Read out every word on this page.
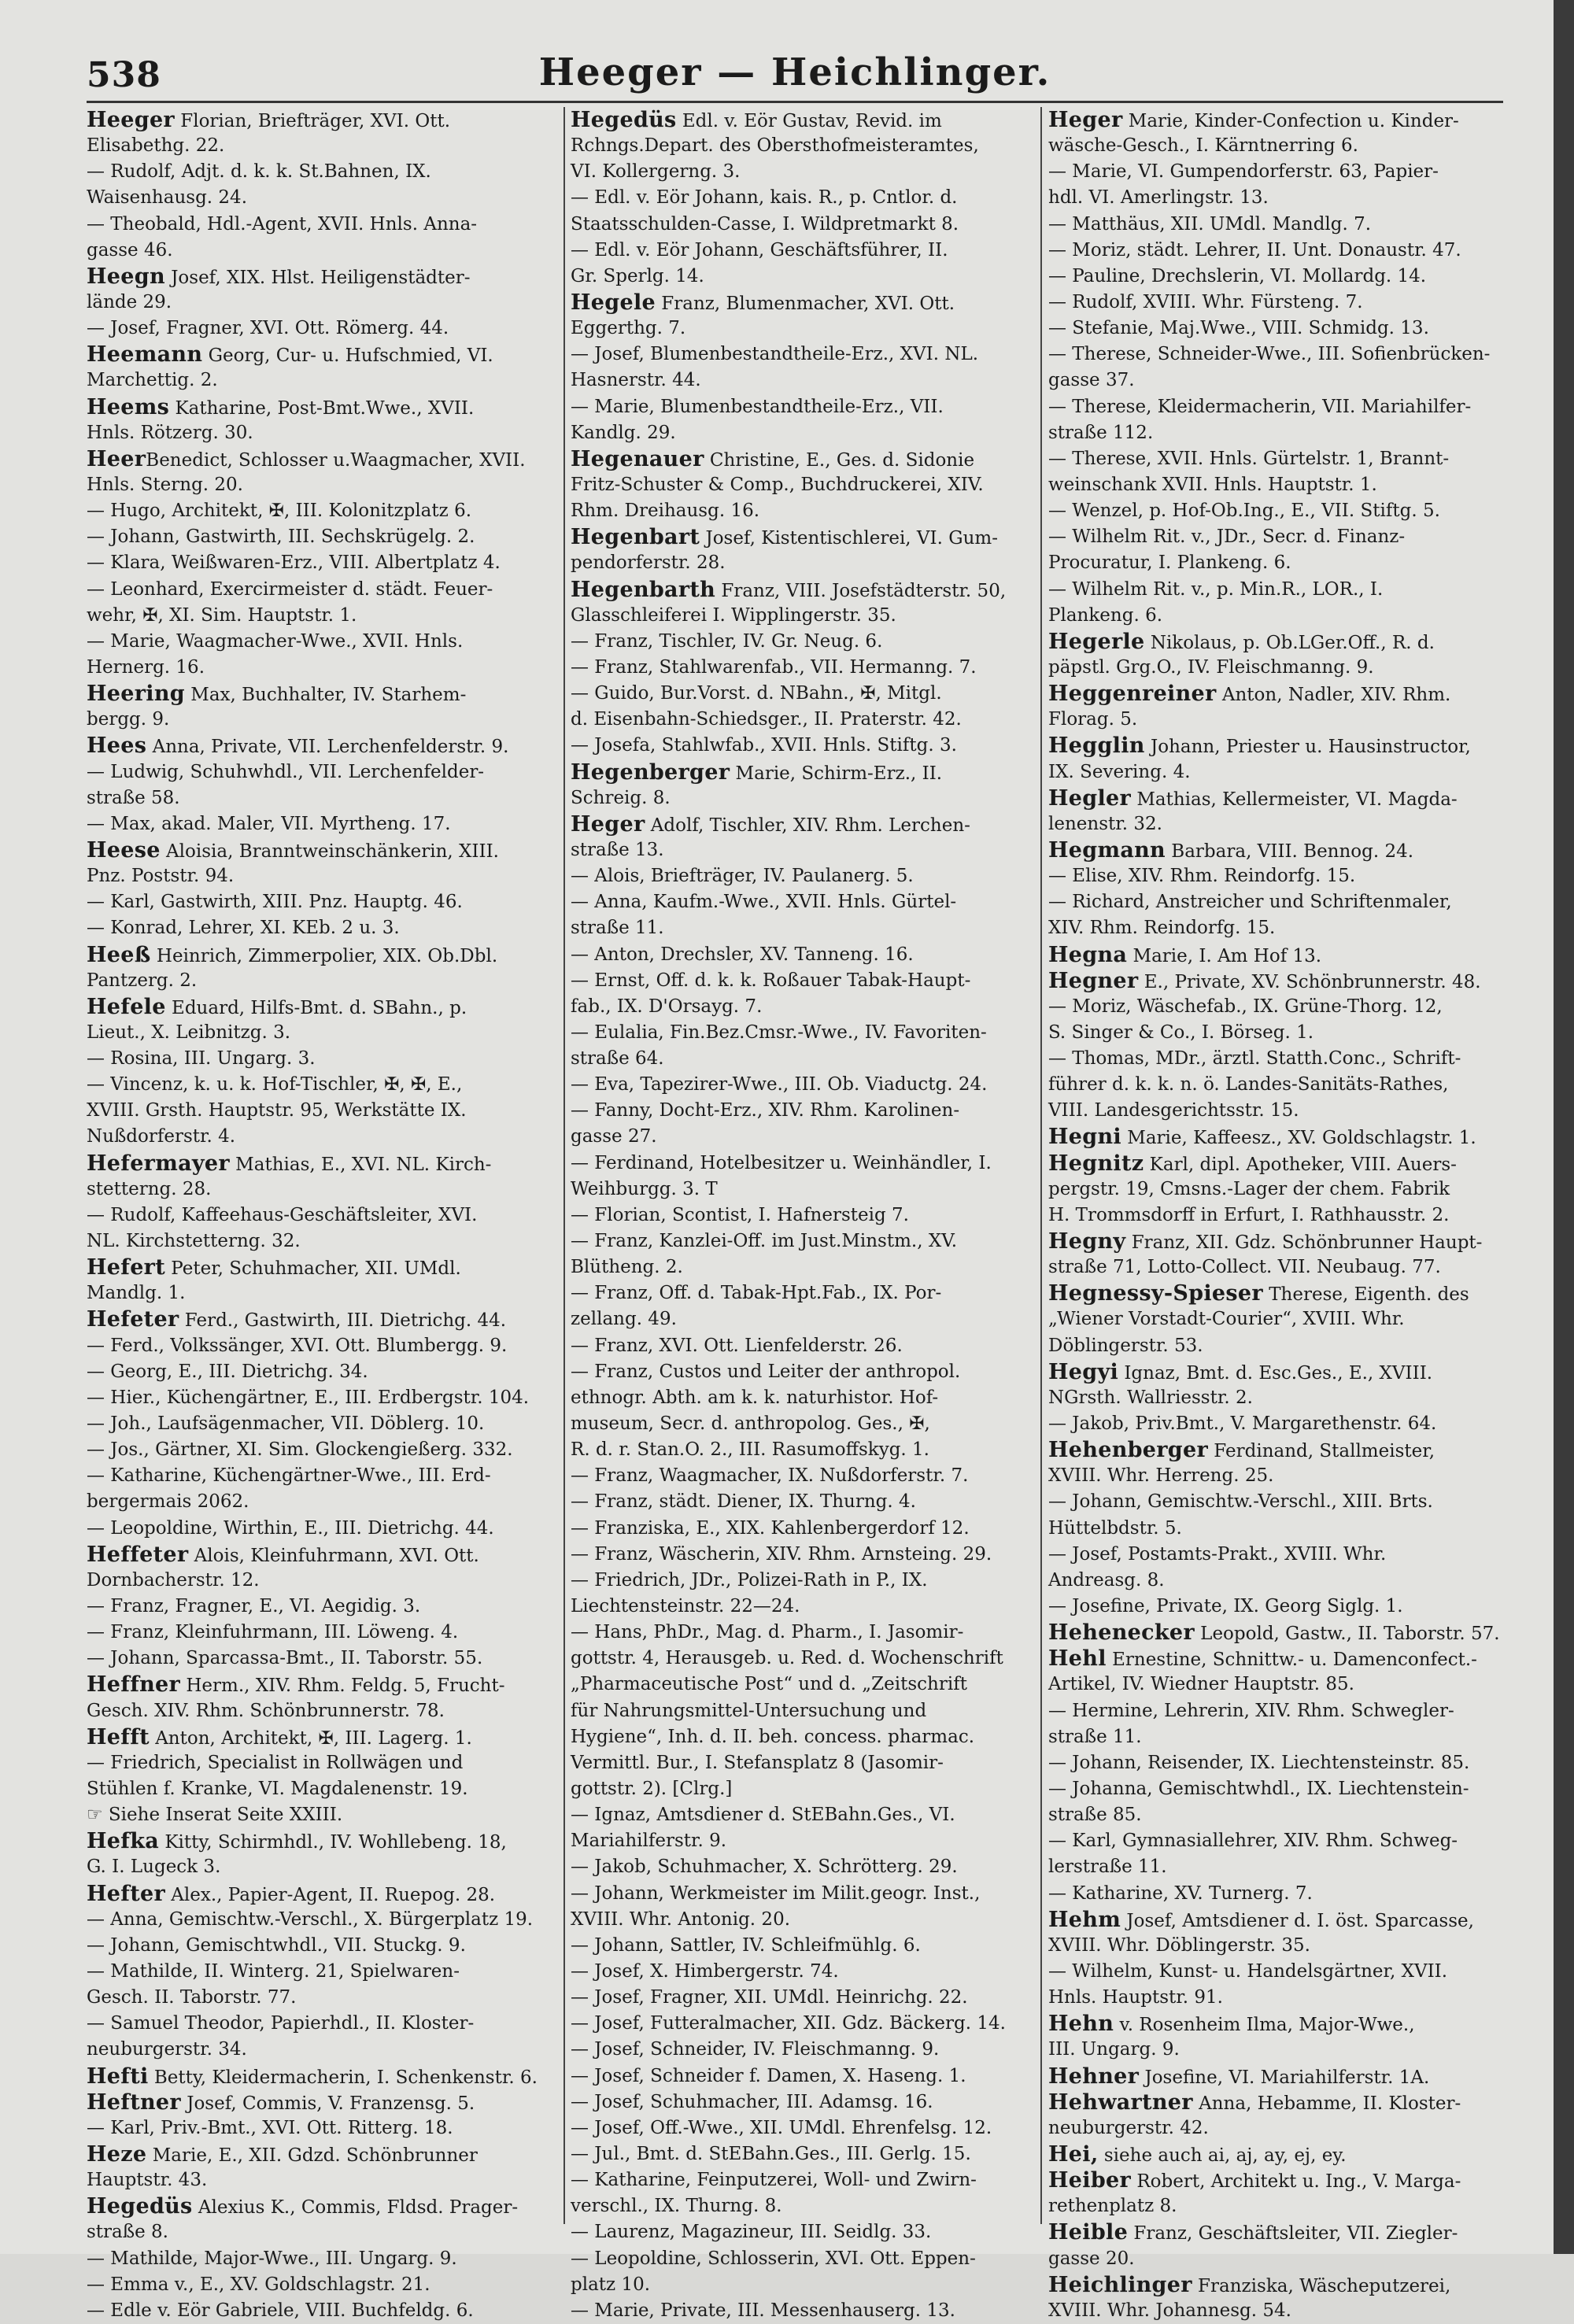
538	Heeger — Heichlinger.
Heeger Florian, Briefträger, XVI. Ott.
Elisabethg. 22.
— Rudolf, Adjt. d. k. k. St.Bahnen, IX.
Waisenhausg. 24.
— Theobald, Hdl.-Agent, XVII. Hnls. Anna-
gasse 46.
Heegn Josef, XIX. Hlst. Heiligenstädter-
lände 29.
— Josef, Fragner, XVI. Ott. Römerg. 44.
Heemann Georg, Cur- u. Hufschmied, VI.
Marchettig. 2.
Heems Katharine, Post-Bmt.Wwe., XVII.
Hnls. Rötzerg. 30.
HeerBenedict, Schlosser u.Waagmacher, XVII.
Hnls. Sterng. 20.
— Hugo, Architekt, ✠, III. Kolonitzplatz 6.
— Johann, Gastwirth, III. Sechskrügelg. 2.
— Klara, Weißwaren-Erz., VIII. Albertplatz 4.
— Leonhard, Exercirmeister d. städt. Feuer-
wehr, ✠, XI. Sim. Hauptstr. 1.
— Marie, Waagmacher-Wwe., XVII. Hnls.
Hernerg. 16.
Heering Max, Buchhalter, IV. Starhem-
bergg. 9.
Hees Anna, Private, VII. Lerchenfelderstr. 9.
— Ludwig, Schuhwhdl., VII. Lerchenfelder-
straße 58.
— Max, akad. Maler, VII. Myrtheng. 17.
Heese Aloisia, Branntweinschänkerin, XIII.
Pnz. Poststr. 94.
— Karl, Gastwirth, XIII. Pnz. Hauptg. 46.
— Konrad, Lehrer, XI. KEb. 2 u. 3.
Heeß Heinrich, Zimmerpolier, XIX. Ob.Dbl.
Pantzerg. 2.
Hefele Eduard, Hilfs-Bmt. d. SBahn., p.
Lieut., X. Leibnitzg. 3.
— Rosina, III. Ungarg. 3.
— Vincenz, k. u. k. Hof-Tischler, ✠, ✠, E.,
XVIII. Grsth. Hauptstr. 95, Werkstätte IX.
Nußdorferstr. 4.
Hefermayer Mathias, E., XVI. NL. Kirch-
stetterng. 28.
— Rudolf, Kaffeehaus-Geschäftsleiter, XVI.
NL. Kirchstetterng. 32.
Hefert Peter, Schuhmacher, XII. UMdl.
Mandlg. 1.
Hefeter Ferd., Gastwirth, III. Dietrichg. 44.
— Ferd., Volkssänger, XVI. Ott. Blumbergg. 9.
— Georg, E., III. Dietrichg. 34.
— Hier., Küchengärtner, E., III. Erdbergstr. 104.
— Joh., Laufsägenmacher, VII. Döblerg. 10.
— Jos., Gärtner, XI. Sim. Glockengießerg. 332.
— Katharine, Küchengärtner-Wwe., III. Erd-
bergermais 2062.
— Leopoldine, Wirthin, E., III. Dietrichg. 44.
Heffeter Alois, Kleinfuhrmann, XVI. Ott.
Dornbacherstr. 12.
— Franz, Fragner, E., VI. Aegidig. 3.
— Franz, Kleinfuhrmann, III. Löweng. 4.
— Johann, Sparcassa-Bmt., II. Taborstr. 55.
Heffner Herm., XIV. Rhm. Feldg. 5, Frucht-
Gesch. XIV. Rhm. Schönbrunnerstr. 78.
Hefft Anton, Architekt, ✠, III. Lagerg. 1.
— Friedrich, Specialist in Rollwägen und
Stühlen f. Kranke, VI. Magdalenenstr. 19.
☞ Siehe Inserat Seite XXIII.
Hefka Kitty, Schirmhdl., IV. Wohllebeng. 18,
G. I. Lugeck 3.
Hefter Alex., Papier-Agent, II. Ruepog. 28.
— Anna, Gemischtw.-Verschl., X. Bürgerplatz 19.
— Johann, Gemischtwhdl., VII. Stuckg. 9.
— Mathilde, II. Winterg. 21, Spielwaren-
Gesch. II. Taborstr. 77.
— Samuel Theodor, Papierhdl., II. Kloster-
neuburgerstr. 34.
Hefti Betty, Kleidermacherin, I. Schenkenstr. 6.
Heftner Josef, Commis, V. Franzensg. 5.
— Karl, Priv.-Bmt., XVI. Ott. Ritterg. 18.
Heze Marie, E., XII. Gdzd. Schönbrunner
Hauptstr. 43.
Hegedüs Alexius K., Commis, Fldsd. Prager-
straße 8.
— Mathilde, Major-Wwe., III. Ungarg. 9.
— Emma v., E., XV. Goldschlagstr. 21.
— Edle v. Eör Gabriele, VIII. Buchfeldg. 6.
Hegedüs Edl. v. Eör Gustav, Revid. im
Rchngs.Depart. des Obersthofmeisteramtes,
VI. Kollergerng. 3.
— Edl. v. Eör Johann, kais. R., p. Cntlor. d.
Staatsschulden-Casse, I. Wildpretmarkt 8.
— Edl. v. Eör Johann, Geschäftsführer, II.
Gr. Sperlg. 14.
Hegele Franz, Blumenmacher, XVI. Ott.
Eggerthg. 7.
— Josef, Blumenbestandtheile-Erz., XVI. NL.
Hasnerstr. 44.
— Marie, Blumenbestandtheile-Erz., VII.
Kandlg. 29.
Hegenauer Christine, E., Ges. d. Sidonie
Fritz-Schuster & Comp., Buchdruckerei, XIV.
Rhm. Dreihausg. 16.
Hegenbart Josef, Kistentischlerei, VI. Gum-
pendorferstr. 28.
Hegenbarth Franz, VIII. Josefstädterstr. 50,
Glasschleiferei I. Wipplingerstr. 35.
— Franz, Tischler, IV. Gr. Neug. 6.
— Franz, Stahlwarenfab., VII. Hermanng. 7.
— Guido, Bur.Vorst. d. NBahn., ✠, Mitgl.
d. Eisenbahn-Schiedsger., II. Praterstr. 42.
— Josefa, Stahlwfab., XVII. Hnls. Stiftg. 3.
Hegenberger Marie, Schirm-Erz., II.
Schreig. 8.
Heger Adolf, Tischler, XIV. Rhm. Lerchen-
straße 13.
— Alois, Briefträger, IV. Paulanerg. 5.
— Anna, Kaufm.-Wwe., XVII. Hnls. Gürtel-
straße 11.
— Anton, Drechsler, XV. Tanneng. 16.
— Ernst, Off. d. k. k. Roßauer Tabak-Haupt-
fab., IX. D'Orsayg. 7.
— Eulalia, Fin.Bez.Cmsr.-Wwe., IV. Favoriten-
straße 64.
— Eva, Tapezirer-Wwe., III. Ob. Viaductg. 24.
— Fanny, Docht-Erz., XIV. Rhm. Karolinen-
gasse 27.
— Ferdinand, Hotelbesitzer u. Weinhändler, I.
Weihburgg. 3. T
— Florian, Scontist, I. Hafnersteig 7.
— Franz, Kanzlei-Off. im Just.Minstm., XV.
Blütheng. 2.
— Franz, Off. d. Tabak-Hpt.Fab., IX. Por-
zellang. 49.
— Franz, XVI. Ott. Lienfelderstr. 26.
— Franz, Custos und Leiter der anthropol.
ethnogr. Abth. am k. k. naturhistor. Hof-
museum, Secr. d. anthropolog. Ges., ✠,
R. d. r. Stan.O. 2., III. Rasumoffskyg. 1.
— Franz, Waagmacher, IX. Nußdorferstr. 7.
— Franz, städt. Diener, IX. Thurng. 4.
— Franziska, E., XIX. Kahlenbergerdorf 12.
— Franz, Wäscherin, XIV. Rhm. Arnsteing. 29.
— Friedrich, JDr., Polizei-Rath in P., IX.
Liechtensteinstr. 22—24.
— Hans, PhDr., Mag. d. Pharm., I. Jasomir-
gottstr. 4, Herausgeb. u. Red. d. Wochenschrift
„Pharmaceutische Post“ und d. „Zeitschrift
für Nahrungsmittel-Untersuchung und
Hygiene“, Inh. d. II. beh. concess. pharmac.
Vermittl. Bur., I. Stefansplatz 8 (Jasomir-
gottstr. 2). [Clrg.]
— Ignaz, Amtsdiener d. StEBahn.Ges., VI.
Mariahilferstr. 9.
— Jakob, Schuhmacher, X. Schrötterg. 29.
— Johann, Werkmeister im Milit.geogr. Inst.,
XVIII. Whr. Antonig. 20.
— Johann, Sattler, IV. Schleifmühlg. 6.
— Josef, X. Himbergerstr. 74.
— Josef, Fragner, XII. UMdl. Heinrichg. 22.
— Josef, Futteralmacher, XII. Gdz. Bäckerg. 14.
— Josef, Schneider, IV. Fleischmanng. 9.
— Josef, Schneider f. Damen, X. Haseng. 1.
— Josef, Schuhmacher, III. Adamsg. 16.
— Josef, Off.-Wwe., XII. UMdl. Ehrenfelsg. 12.
— Jul., Bmt. d. StEBahn.Ges., III. Gerlg. 15.
— Katharine, Feinputzerei, Woll- und Zwirn-
verschl., IX. Thurng. 8.
— Laurenz, Magazineur, III. Seidlg. 33.
— Leopoldine, Schlosserin, XVI. Ott. Eppen-
platz 10.
— Marie, Private, III. Messenhauserg. 13.
Heger Marie, Kinder-Confection u. Kinder-
wäsche-Gesch., I. Kärntnerring 6.
— Marie, VI. Gumpendorferstr. 63, Papier-
hdl. VI. Amerlingstr. 13.
— Matthäus, XII. UMdl. Mandlg. 7.
— Moriz, städt. Lehrer, II. Unt. Donaustr. 47.
— Pauline, Drechslerin, VI. Mollardg. 14.
— Rudolf, XVIII. Whr. Fürsteng. 7.
— Stefanie, Maj.Wwe., VIII. Schmidg. 13.
— Therese, Schneider-Wwe., III. Sofienbrücken-
gasse 37.
— Therese, Kleidermacherin, VII. Mariahilfer-
straße 112.
— Therese, XVII. Hnls. Gürtelstr. 1, Brannt-
weinschank XVII. Hnls. Hauptstr. 1.
— Wenzel, p. Hof-Ob.Ing., E., VII. Stiftg. 5.
— Wilhelm Rit. v., JDr., Secr. d. Finanz-
Procuratur, I. Plankeng. 6.
— Wilhelm Rit. v., p. Min.R., LOR., I.
Plankeng. 6.
Hegerle Nikolaus, p. Ob.LGer.Off., R. d.
päpstl. Grg.O., IV. Fleischmanng. 9.
Heggenreiner Anton, Nadler, XIV. Rhm.
Florag. 5.
Hegglin Johann, Priester u. Hausinstructor,
IX. Severing. 4.
Hegler Mathias, Kellermeister, VI. Magda-
lenenstr. 32.
Hegmann Barbara, VIII. Bennog. 24.
— Elise, XIV. Rhm. Reindorfg. 15.
— Richard, Anstreicher und Schriftenmaler,
XIV. Rhm. Reindorfg. 15.
Hegna Marie, I. Am Hof 13.
Hegner E., Private, XV. Schönbrunnerstr. 48.
— Moriz, Wäschefab., IX. Grüne-Thorg. 12,
S. Singer & Co., I. Börseg. 1.
— Thomas, MDr., ärztl. Statth.Conc., Schrift-
führer d. k. k. n. ö. Landes-Sanitäts-Rathes,
VIII. Landesgerichtsstr. 15.
Hegni Marie, Kaffeesz., XV. Goldschlagstr. 1.
Hegnitz Karl, dipl. Apotheker, VIII. Auers-
pergstr. 19, Cmsns.-Lager der chem. Fabrik
H. Trommsdorff in Erfurt, I. Rathhausstr. 2.
Hegny Franz, XII. Gdz. Schönbrunner Haupt-
straße 71, Lotto-Collect. VII. Neubaug. 77.
Hegnessy-Spieser Therese, Eigenth. des
„Wiener Vorstadt-Courier“, XVIII. Whr.
Döblingerstr. 53.
Hegyi Ignaz, Bmt. d. Esc.Ges., E., XVIII.
NGrsth. Wallriesstr. 2.
— Jakob, Priv.Bmt., V. Margarethenstr. 64.
Hehenberger Ferdinand, Stallmeister,
XVIII. Whr. Herreng. 25.
— Johann, Gemischtw.-Verschl., XIII. Brts.
Hüttelbdstr. 5.
— Josef, Postamts-Prakt., XVIII. Whr.
Andreasg. 8.
— Josefine, Private, IX. Georg Siglg. 1.
Hehenecker Leopold, Gastw., II. Taborstr. 57.
Hehl Ernestine, Schnittw.- u. Damenconfect.-
Artikel, IV. Wiedner Hauptstr. 85.
— Hermine, Lehrerin, XIV. Rhm. Schwegler-
straße 11.
— Johann, Reisender, IX. Liechtensteinstr. 85.
— Johanna, Gemischtwhdl., IX. Liechtenstein-
straße 85.
— Karl, Gymnasiallehrer, XIV. Rhm. Schweg-
lerstraße 11.
— Katharine, XV. Turnerg. 7.
Hehm Josef, Amtsdiener d. I. öst. Sparcasse,
XVIII. Whr. Döblingerstr. 35.
— Wilhelm, Kunst- u. Handelsgärtner, XVII.
Hnls. Hauptstr. 91.
Hehn v. Rosenheim Ilma, Major-Wwe.,
III. Ungarg. 9.
Hehner Josefine, VI. Mariahilferstr. 1A.
Hehwartner Anna, Hebamme, II. Kloster-
neuburgerstr. 42.
Hei, siehe auch ai, aj, ay, ej, ey.
Heiber Robert, Architekt u. Ing., V. Marga-
rethenplatz 8.
Heible Franz, Geschäftsleiter, VII. Ziegler-
gasse 20.
Heichlinger Franziska, Wäscheputzerei,
XVIII. Whr. Johannesg. 54.
